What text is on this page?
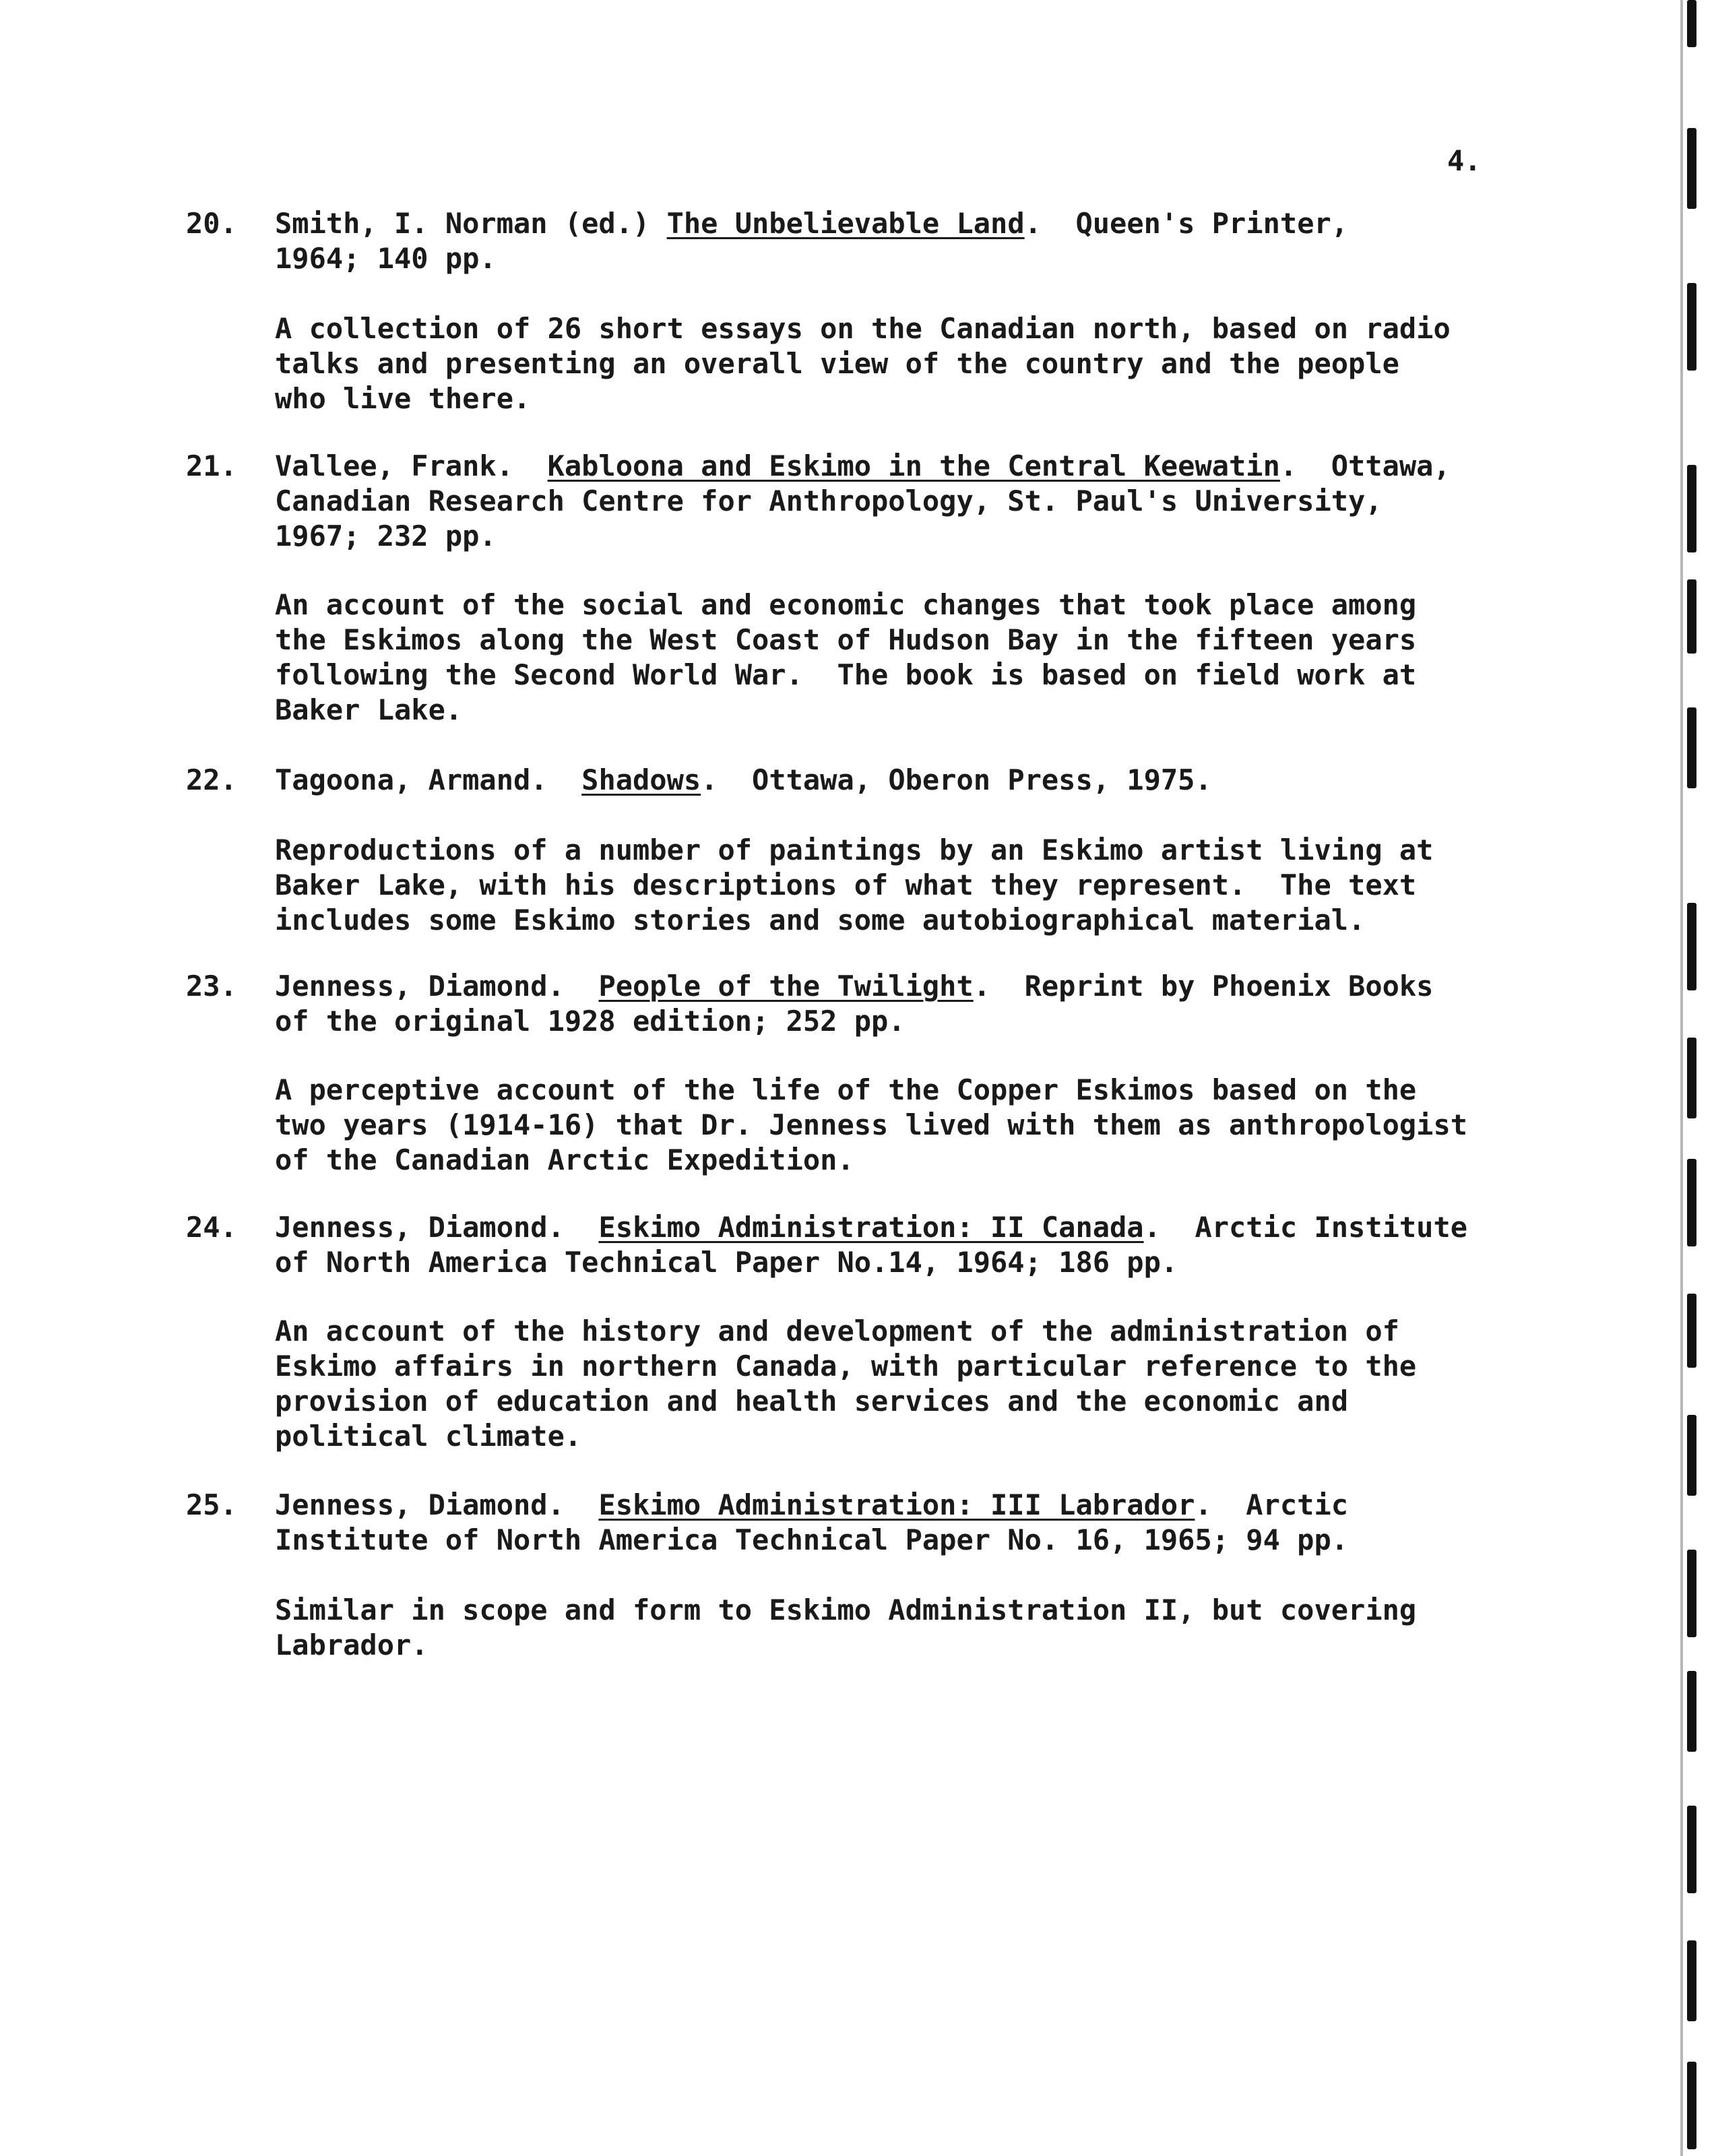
4.
20. Smith, I. Norman (ed.) The Unbelievable Land.  Queen's Printer,
1964; 140 pp.
A collection of 26 short essays on the Canadian north, based on radio
talks and presenting an overall view of the country and the people
who live there.
21. Vallee, Frank.  Kabloona and Eskimo in the Central Keewatin.  Ottawa,
Canadian Research Centre for Anthropology, St. Paul's University,
1967; 232 pp.
An account of the social and economic changes that took place among
the Eskimos along the West Coast of Hudson Bay in the fifteen years
following the Second World War.  The book is based on field work at
Baker Lake.
22. Tagoona, Armand.  Shadows.  Ottawa, Oberon Press, 1975.
Reproductions of a number of paintings by an Eskimo artist living at
Baker Lake, with his descriptions of what they represent.  The text
includes some Eskimo stories and some autobiographical material.
23. Jenness, Diamond.  People of the Twilight.  Reprint by Phoenix Books
of the original 1928 edition; 252 pp.
A perceptive account of the life of the Copper Eskimos based on the
two years (1914-16) that Dr. Jenness lived with them as anthropologist
of the Canadian Arctic Expedition.
24. Jenness, Diamond.  Eskimo Administration: II Canada.  Arctic Institute
of North America Technical Paper No.14, 1964; 186 pp.
An account of the history and development of the administration of
Eskimo affairs in northern Canada, with particular reference to the
provision of education and health services and the economic and
political climate.
25. Jenness, Diamond.  Eskimo Administration: III Labrador.  Arctic
Institute of North America Technical Paper No. 16, 1965; 94 pp.
Similar in scope and form to Eskimo Administration II, but covering
Labrador.
